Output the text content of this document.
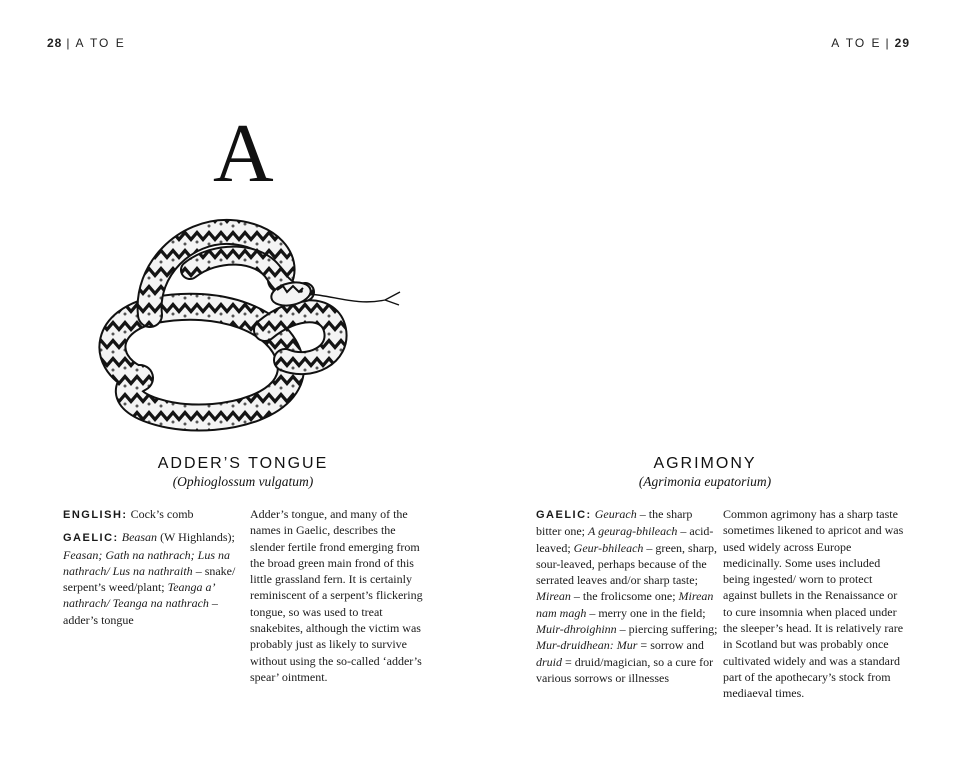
28 | A TO E	A TO E | 29
A
ADDER’S TONGUE
(Ophioglossum vulgatum)

ENGLISH: Cock’s comb

GAELIC: Beasan (W Highlands); Feasan; Gath na nathrach; Lus na nathrach/ Lus na nathraith – snake/ serpent’s weed/plant; Teanga a’ nathrach/ Teanga na nathrach – adder’s tongue

Adder’s tongue, and many of the names in Gaelic, describes the slender fertile frond emerging from the broad green main frond of this little grassland fern. It is certainly reminiscent of a serpent’s flickering tongue, so was used to treat snakebites, although the victim was probably just as likely to survive without using the so-called ‘adder’s spear’ ointment.

AGRIMONY
(Agrimonia eupatorium)

GAELIC: Geurach – the sharp bitter one; A geurag-bhileach – acid-leaved; Geur-bhileach – green, sharp, sour-leaved, perhaps because of the serrated leaves and/or sharp taste; Mirean – the frolicsome one; Mirean nam magh – merry one in the field; Muir-dhroighinn – piercing suffering; Mur-druidhean: Mur = sorrow and druid = druid/magician, so a cure for various sorrows or illnesses

Common agrimony has a sharp taste sometimes likened to apricot and was used widely across Europe medicinally. Some uses included being ingested/ worn to protect against bullets in the Renaissance or to cure insomnia when placed under the sleeper’s head. It is relatively rare in Scotland but was probably once cultivated widely and was a standard part of the apothecary’s stock from mediaeval times.
